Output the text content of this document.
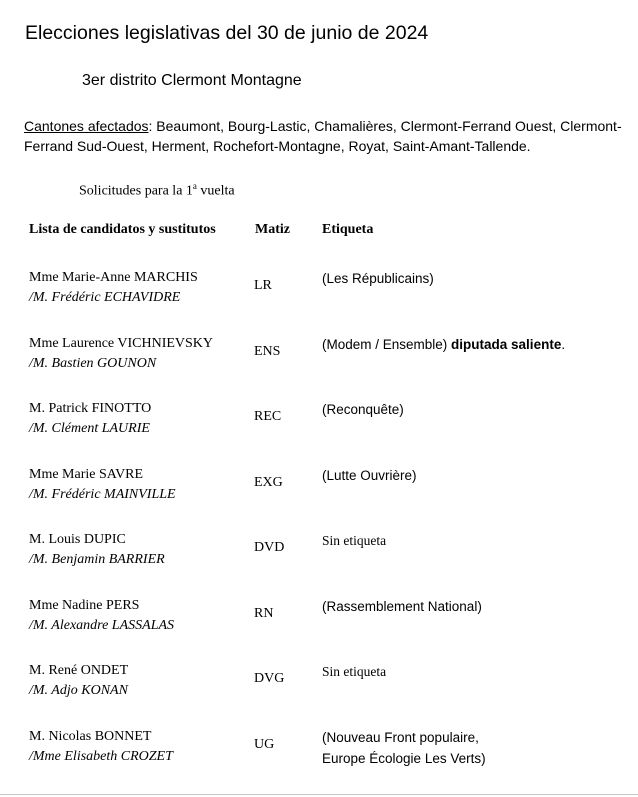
Elecciones legislativas del 30 de junio de 2024
3er distrito Clermont Montagne
Cantones afectados: Beaumont, Bourg-Lastic, Chamalières, Clermont-Ferrand Ouest, Clermont-Ferrand Sud-Ouest, Herment, Rochefort-Montagne, Royat, Saint-Amant-Tallende.
Solicitudes para la 1$^a$ vuelta
Lista de candidatos y sustitutos	Matiz Etiqueta
Mme Marie-Anne MARCHIS
/M. Frédéric ECHAVIDRE
LR	(Les Républicains)
Mme Laurence VICHNIEVSKY
/M. Bastien GOUNON
ENS	(Modem / Ensemble) diputada saliente.
M. Patrick FINOTTO
/M. Clément LAURIE
REC	(Reconquête)
Mme Marie SAVRE
/M. Frédéric MAINVILLE
EXG	(Lutte Ouvrière)
M. Louis DUPIC
/M. Benjamin BARRIER
DVD	Sin etiqueta
Mme Nadine PERS
/M. Alexandre LASSALAS
RN	(Rassemblement National)
M. René ONDET
/M. Adjo KONAN
DVG	Sin etiqueta
M. Nicolas BONNET
/Mme Elisabeth CROZET
UG	(Nouveau Front populaire,
Europe Écologie Les Verts)
